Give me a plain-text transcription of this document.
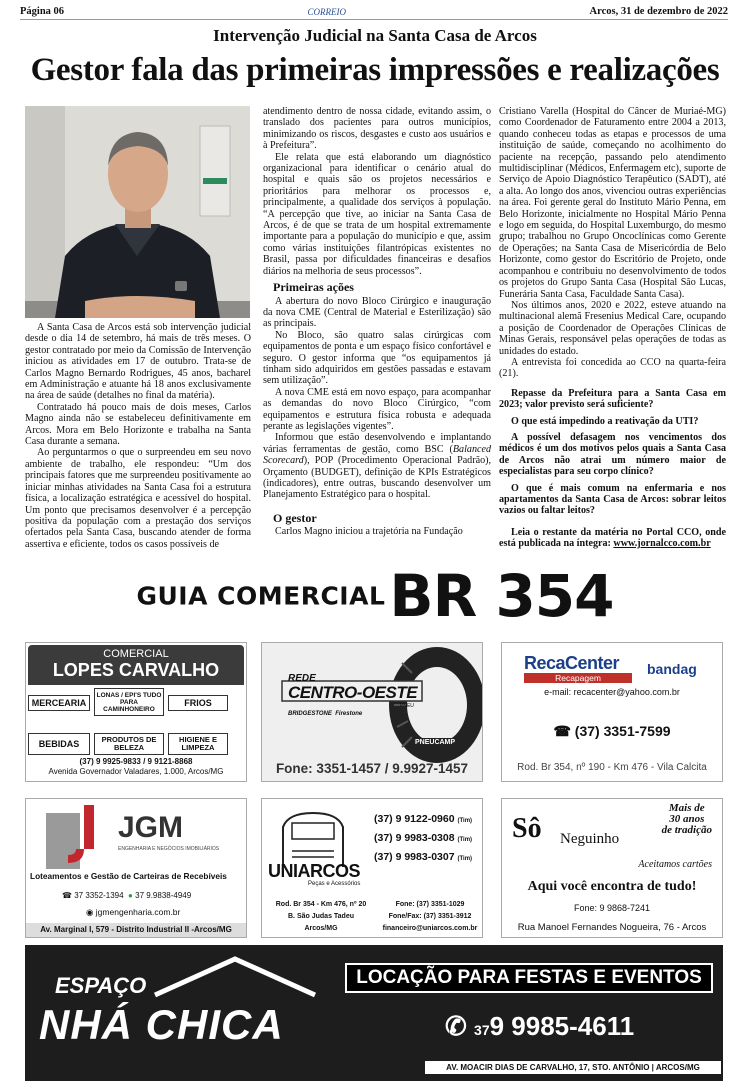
Página 06	CORREIO	Arcos, 31 de dezembro de 2022
Intervenção Judicial na Santa Casa de Arcos
Gestor fala das primeiras impressões e realizações

A Santa Casa de Arcos está sob intervenção judicial desde o dia 14 de setembro, há mais de três meses. O gestor contratado por meio da Comissão de Intervenção iniciou as atividades em 17 de outubro. Trata-se de Carlos Magno Bernardo Rodrigues, 45 anos, bacharel em Administração e atuante há 18 anos exclusivamente na área de saúde (detalhes no final da matéria).

Contratado há pouco mais de dois meses, Carlos Magno ainda não se estabeleceu definitivamente em Arcos. Mora em Belo Horizonte e trabalha na Santa Casa durante a semana.

Ao perguntarmos o que o surpreendeu em seu novo ambiente de trabalho, ele respondeu: “Um dos principais fatores que me surpreendeu positivamente ao iniciar minhas atividades na Santa Casa foi a estrutura física, a localização estratégica e acessível do hospital. Um ponto que precisamos desenvolver é a percepção positiva da população com a prestação dos serviços ofertados pela Santa Casa, buscando atender de forma assertiva e eficiente, todos os casos possíveis de

atendimento dentro de nossa cidade, evitando assim, o translado dos pacientes para outros municípios, minimizando os riscos, desgastes e custo aos usuários e à Prefeitura”.

Ele relata que está elaborando um diagnóstico organizacional para identificar o cenário atual do hospital e quais são os projetos necessários e prioritários para melhorar os processos e, principalmente, a qualidade dos serviços à população. “A percepção que tive, ao iniciar na Santa Casa de Arcos, é de que se trata de um hospital extremamente importante para a população do município e que, assim como várias instituições filantrópicas existentes no Brasil, passa por dificuldades financeiras e desafios diários na melhoria de seus processos”.

Primeiras ações

A abertura do novo Bloco Cirúrgico e inauguração da nova CME (Central de Material e Esterilização) são as principais.

No Bloco, são quatro salas cirúrgicas com equipamentos de ponta e um espaço físico confortável e seguro. O gestor informa que “os equipamentos já tinham sido adquiridos em gestões passadas e estavam sem utilização”.

A nova CME está em novo espaço, para acompanhar as demandas do novo Bloco Cirúrgico, “com equipamentos e estrutura física robusta e adequada perante as legislações vigentes”.

Informou que estão desenvolvendo e implantando várias ferramentas de gestão, como BSC (Balanced Scorecard), POP (Procedimento Operacional Padrão), Orçamento (BUDGET), definição de KPIs Estratégicos (indicadores), entre outras, buscando desenvolver um Planejamento Estratégico para o hospital.

O gestor

Carlos Magno iniciou a trajetória na Fundação

Cristiano Varella (Hospital do Câncer de Muriaé-MG) como Coordenador de Faturamento entre 2004 a 2013, quando conheceu todas as etapas e processos de uma instituição de saúde, começando no acolhimento do paciente na recepção, passando pelo atendimento multidisciplinar (Médicos, Enfermagem etc), suporte de Serviço de Apoio Diagnóstico Terapêutico (SADT), até a alta. Ao longo dos anos, vivenciou outras experiências na área. Foi gerente geral do Instituto Mário Penna, em Belo Horizonte, inicialmente no Hospital Mário Penna e logo em seguida, do Hospital Luxemburgo, do mesmo grupo; trabalhou no Grupo Oncoclínicas como Gerente de Operações; na Santa Casa de Misericórdia de Belo Horizonte, como gestor do Escritório de Projeto, onde acompanhou e contribuiu no desenvolvimento de todos os projetos do Grupo Santa Casa (Hospital São Lucas, Funerária Santa Casa, Faculdade Santa Casa).

Nos últimos anos, 2020 e 2022, esteve atuando na multinacional alemã Fresenius Medical Care, ocupando a posição de Coordenador de Operações Clínicas de Minas Gerais, responsável pelas operações de todas as unidades do estado.

A entrevista foi concedida ao CCO na quarta-feira (21).

Repasse da Prefeitura para a Santa Casa em 2023; valor previsto será suficiente?

O que está impedindo a reativação da UTI?

A possível defasagem nos vencimentos dos médicos é um dos motivos pelos quais a Santa Casa de Arcos não atrai um número maior de especialistas para seu corpo clínico?

O que é mais comum na enfermaria e nos apartamentos da Santa Casa de Arcos: sobrar leitos vazios ou faltar leitos?

Leia o restante da matéria no Portal CCO, onde está publicada na íntegra: www.jornalcco.com.br

GUIA COMERCIAL BR 354
COMERCIAL
LOPES CARVALHO
MERCEARIA
LONAS / EPI'S TUDO PARA CAMINHONEIRO
FRIOS
BEBIDAS	PRODUTOS DE BELEZA
HIGIENE E LIMPEZA
(37) 9 9925-9833 / 9 9121-8868
Avenida Governador Valadares, 1.000, Arcos/MG
REDE
CENTRO-OESTE
PNEU
BRIDGESTONE Firestone
PNEUCAMP
Fone: 3351-1457 / 9.9927-1457
RecaCenter
Recapagem
bandag
e-mail: recacenter@yahoo.com.br
☎ (37) 3351-7599
Rod. Br 354, nº 190 - Km 476 - Vila Calcita
JGM
ENGENHARIA E NEGÓCIOS IMOBILIÁRIOS
Loteamentos e Gestão de Carteiras de Recebíveis
☎ 37 3352-1394 ● 37 9.9838-4949
◉ jgmengenharia.com.br
Av. Marginal I, 579 - Distrito Industrial II -Arcos/MG
UNIARCOS
Peças e Acessórios
(37) 9 9122-0960 (Tim)
(37) 9 9983-0308 (Tim)
(37) 9 9983-0307 (Tim)
Rod. Br 354 - Km 476, nº 20
B. São Judas Tadeu
Arcos/MG
Fone: (37) 3351-1029
Fone/Fax: (37) 3351-3912
financeiro@uniarcos.com.br
Mais de
30 anos
de tradição
Sô Neguinho
Aceitamos cartões
Aqui você encontra de tudo!
Fone: 9 9868-7241
Rua Manoel Fernandes Nogueira, 76 - Arcos
ESPAÇO
NHÁ CHICA
LOCAÇÃO PARA FESTAS E EVENTOS
✆ 379 9985-4611
AV. MOACIR DIAS DE CARVALHO, 17, STO. ANTÔNIO | ARCOS/MG
